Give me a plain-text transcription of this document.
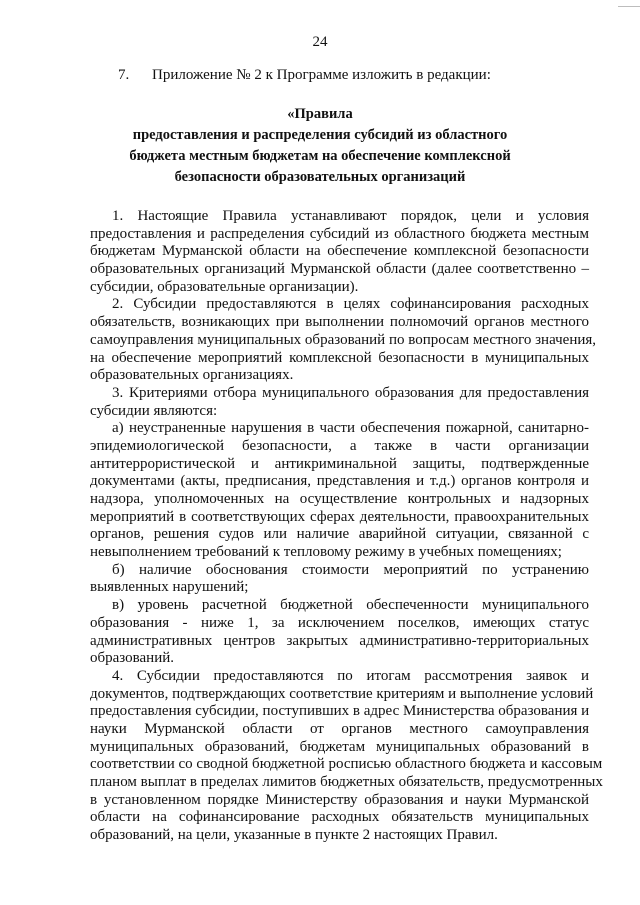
24
7. Приложение № 2 к Программе изложить в редакции:
«Правила
предоставления и распределения субсидий из областного
бюджета местным бюджетам на обеспечение комплексной
безопасности образовательных организаций
1. Настоящие Правила устанавливают порядок, цели и условия
предоставления и распределения субсидий из областного бюджета местным
бюджетам Мурманской области на обеспечение комплексной безопасности
образовательных организаций Мурманской области (далее соответственно –
субсидии, образовательные организации).
2. Субсидии предоставляются в целях софинансирования расходных
обязательств, возникающих при выполнении полномочий органов местного
самоуправления муниципальных образований по вопросам местного значения,
на обеспечение мероприятий комплексной безопасности в муниципальных
образовательных организациях.
3. Критериями отбора муниципального образования для предоставления
субсидии являются:
а) неустраненные нарушения в части обеспечения пожарной, санитарно-
эпидемиологической безопасности, а также в части организации
антитеррористической и антикриминальной защиты, подтвержденные
документами (акты, предписания, представления и т.д.) органов контроля и
надзора, уполномоченных на осуществление контрольных и надзорных
мероприятий в соответствующих сферах деятельности, правоохранительных
органов, решения судов или наличие аварийной ситуации, связанной с
невыполнением требований к тепловому режиму в учебных помещениях;
б) наличие обоснования стоимости мероприятий по устранению
выявленных нарушений;
в) уровень расчетной бюджетной обеспеченности муниципального
образования - ниже 1, за исключением поселков, имеющих статус
административных центров закрытых административно-территориальных
образований.
4. Субсидии предоставляются по итогам рассмотрения заявок и
документов, подтверждающих соответствие критериям и выполнение условий
предоставления субсидии, поступивших в адрес Министерства образования и
науки Мурманской области от органов местного самоуправления
муниципальных образований, бюджетам муниципальных образований в
соответствии со сводной бюджетной росписью областного бюджета и кассовым
планом выплат в пределах лимитов бюджетных обязательств, предусмотренных
в установленном порядке Министерству образования и науки Мурманской
области на софинансирование расходных обязательств муниципальных
образований, на цели, указанные в пункте 2 настоящих Правил.
